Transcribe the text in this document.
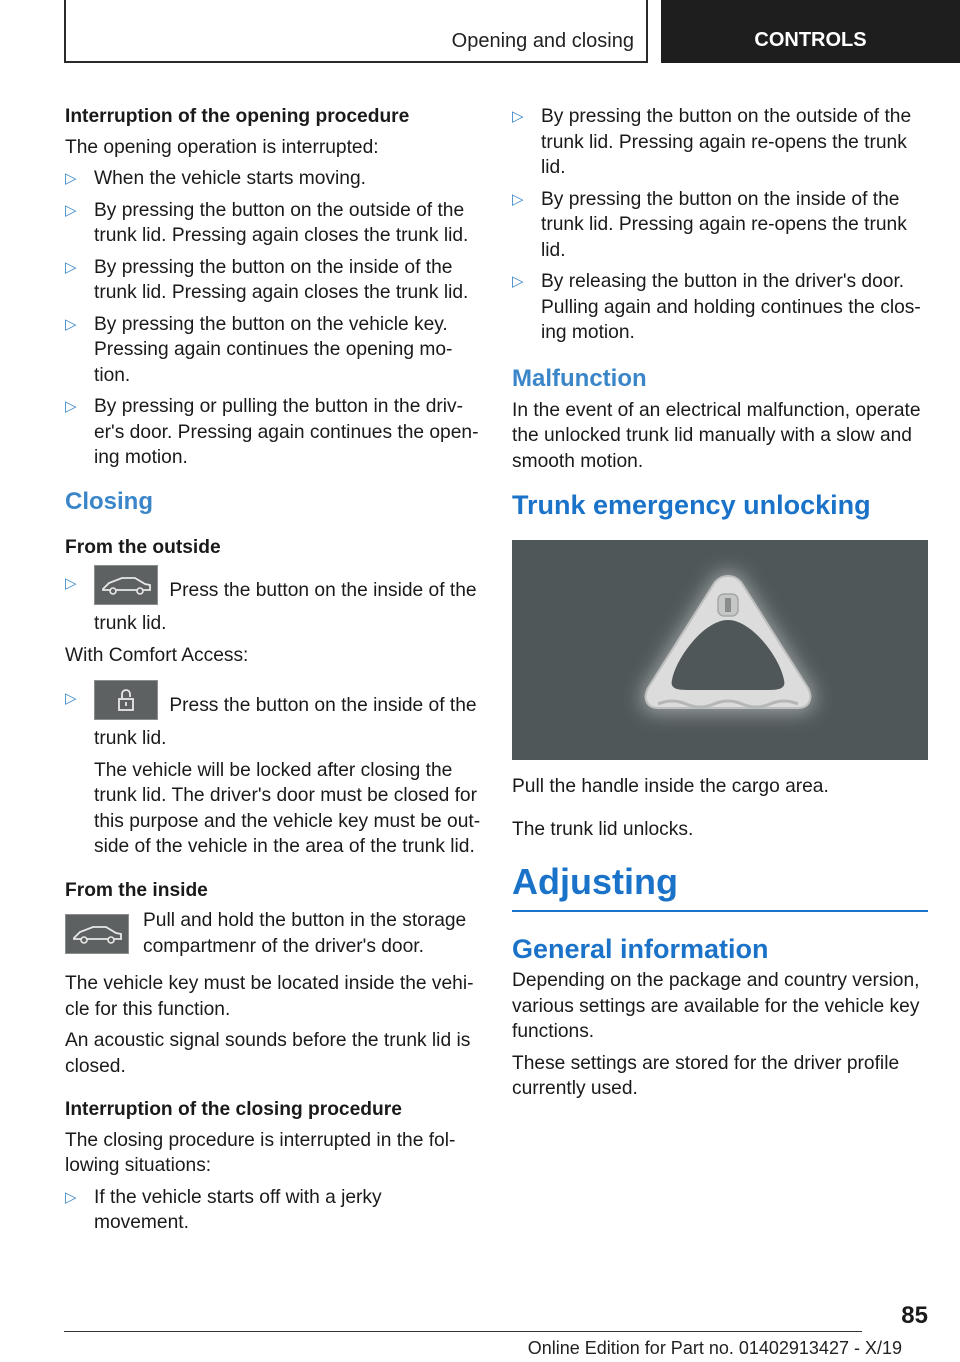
Opening and closing	CONTROLS

Interruption of the opening procedure

The opening operation is interrupted:

▷ When the vehicle starts moving.
▷ By pressing the button on the outside of the trunk lid. Pressing again closes the trunk lid.
▷ By pressing the button on the inside of the trunk lid. Pressing again closes the trunk lid.
▷ By pressing the button on the vehicle key. Pressing again continues the opening motion.
▷ By pressing or pulling the button in the driver's door. Pressing again continues the opening motion.
Closing

From the outside

▷	Press the button on the inside of the trunk lid.

With Comfort Access:

▷	Press the button on the inside of the trunk lid.

The vehicle will be locked after closing the trunk lid. The driver's door must be closed for this purpose and the vehicle key must be outside of the vehicle in the area of the trunk lid.

From the inside

Pull and hold the button in the storage compartmenr of the driver's door.

The vehicle key must be located inside the vehicle for this function.

An acoustic signal sounds before the trunk lid is closed.

Interruption of the closing procedure

The closing procedure is interrupted in the following situations:

▷ If the vehicle starts off with a jerky movement.
▷ By pressing the button on the outside of the trunk lid. Pressing again re-opens the trunk lid.
▷ By pressing the button on the inside of the trunk lid. Pressing again re-opens the trunk lid.
▷ By releasing the button in the driver's door. Pulling again and holding continues the closing motion.
Malfunction

In the event of an electrical malfunction, operate the unlocked trunk lid manually with a slow and smooth motion.

Trunk emergency unlocking

Pull the handle inside the cargo area.

The trunk lid unlocks.

Adjusting
General information

Depending on the package and country version, various settings are available for the vehicle key functions.

These settings are stored for the driver profile currently used.

85
Online Edition for Part no. 01402913427 - X/19
